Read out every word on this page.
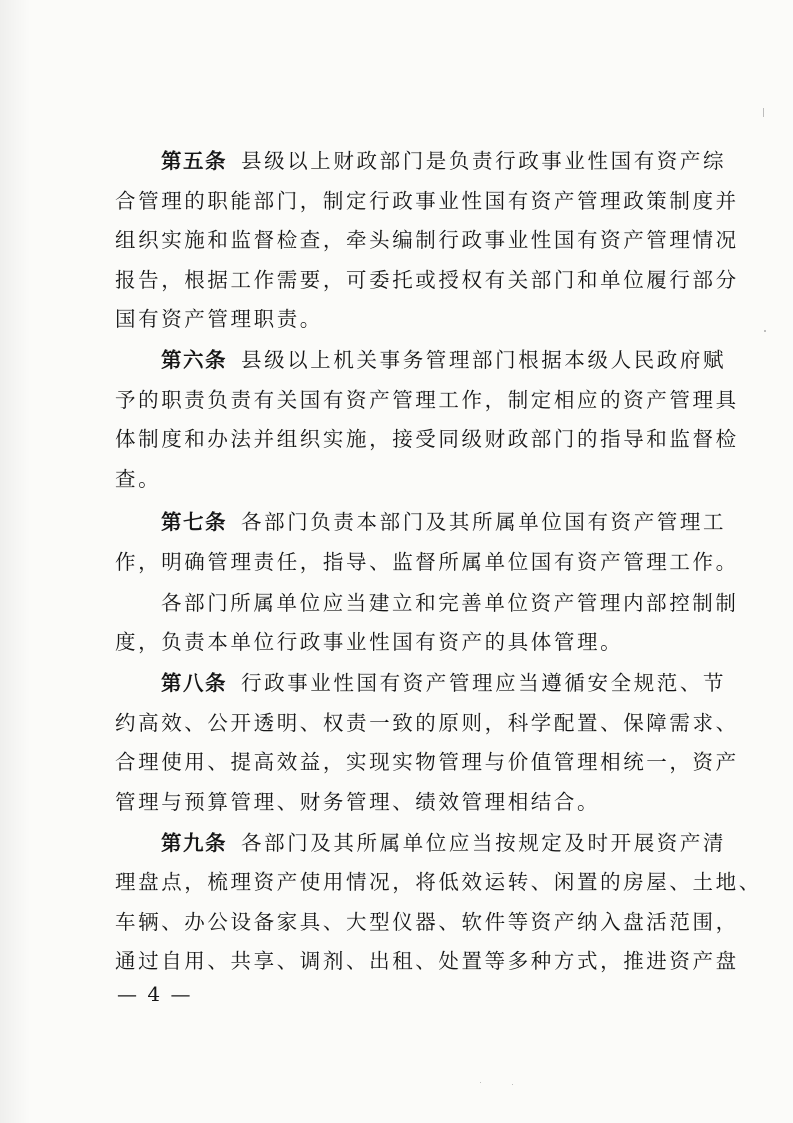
第五条 县级以上财政部门是负责行政事业性国有资产综
合管理的职能部门，制定行政事业性国有资产管理政策制度并
组织实施和监督检查，牵头编制行政事业性国有资产管理情况
报告，根据工作需要，可委托或授权有关部门和单位履行部分
国有资产管理职责。
第六条 县级以上机关事务管理部门根据本级人民政府赋
予的职责负责有关国有资产管理工作，制定相应的资产管理具
体制度和办法并组织实施，接受同级财政部门的指导和监督检
查。
第七条 各部门负责本部门及其所属单位国有资产管理工
作，明确管理责任，指导、监督所属单位国有资产管理工作。
各部门所属单位应当建立和完善单位资产管理内部控制制
度，负责本单位行政事业性国有资产的具体管理。
第八条 行政事业性国有资产管理应当遵循安全规范、节
约高效、公开透明、权责一致的原则，科学配置、保障需求、
合理使用、提高效益，实现实物管理与价值管理相统一，资产
管理与预算管理、财务管理、绩效管理相结合。
第九条 各部门及其所属单位应当按规定及时开展资产清
理盘点，梳理资产使用情况，将低效运转、闲置的房屋、土地、
车辆、办公设备家具、大型仪器、软件等资产纳入盘活范围，
通过自用、共享、调剂、出租、处置等多种方式，推进资产盘
— 4 —
